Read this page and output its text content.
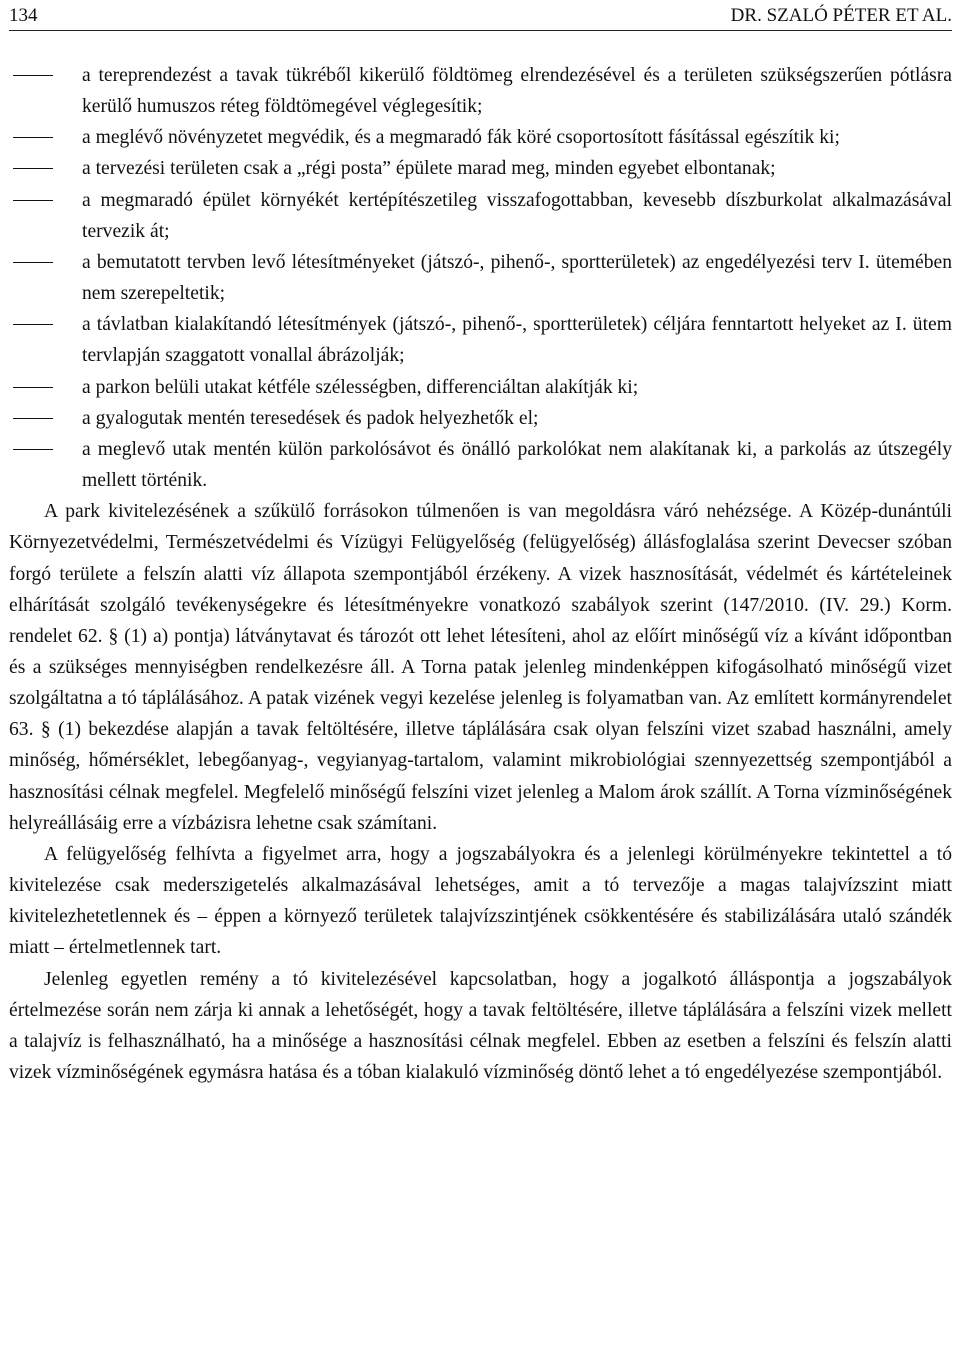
134	DR. SZALÓ PÉTER ET AL.
a tereprendezést a tavak tükréből kikerülő földtömeg elrendezésével és a területen szükségszerűen pótlásra kerülő humuszos réteg földtömegével véglegesítik;
a meglévő növényzetet megvédik, és a megmaradó fák köré csoportosított fásítással egészítik ki;
a tervezési területen csak a „régi posta” épülete marad meg, minden egyebet elbontanak;
a megmaradó épület környékét kertépítészetileg visszafogottabban, kevesebb díszburkolat alkalmazásával tervezik át;
a bemutatott tervben levő létesítményeket (játszó-, pihenő-, sportterületek) az engedélyezési terv I. ütemében nem szerepeltetik;
a távlatban kialakítandó létesítmények (játszó-, pihenő-, sportterületek) céljára fenntartott helyeket az I. ütem tervlapján szaggatott vonallal ábrázolják;
a parkon belüli utakat kétféle szélességben, differenciáltan alakítják ki;
a gyalogutak mentén teresedések és padok helyezhetők el;
a meglevő utak mentén külön parkolósávot és önálló parkolókat nem alakítanak ki, a parkolás az útszegély mellett történik.

A park kivitelezésének a szűkülő forrásokon túlmenően is van megoldásra váró nehézsége. A Közép-dunántúli Környezetvédelmi, Természetvédelmi és Vízügyi Felügyelőség (felügyelőség) állásfoglalása szerint Devecser szóban forgó területe a felszín alatti víz állapota szempontjából érzékeny. A vizek hasznosítását, védelmét és kártételeinek elhárítását szolgáló tevékenységekre és létesítményekre vonatkozó szabályok szerint (147/2010. (IV. 29.) Korm. rendelet 62. § (1) a) pontja) látványtavat és tározót ott lehet létesíteni, ahol az előírt minőségű víz a kívánt időpontban és a szükséges mennyiségben rendelkezésre áll. A Torna patak jelenleg mindenképpen kifogásolható minőségű vizet szolgáltatna a tó táplálásához. A patak vizének vegyi kezelése jelenleg is folyamatban van. Az említett kormányrendelet 63. § (1) bekezdése alapján a tavak feltöltésére, illetve táplálására csak olyan felszíni vizet szabad használni, amely minőség, hőmérséklet, lebegőanyag-, vegyianyag-tartalom, valamint mikrobiológiai szennyezettség szempontjából a hasznosítási célnak megfelel. Megfelelő minőségű felszíni vizet jelenleg a Malom árok szállít. A Torna vízminőségének helyreállásáig erre a vízbázisra lehetne csak számítani.

A felügyelőség felhívta a figyelmet arra, hogy a jogszabályokra és a jelenlegi körülményekre tekintettel a tó kivitelezése csak mederszigetelés alkalmazásával lehetséges, amit a tó tervezője a magas talajvízszint miatt kivitelezhetetlennek és – éppen a környező területek talajvízszintjének csökkentésére és stabilizálására utaló szándék miatt – értelmetlennek tart.

Jelenleg egyetlen remény a tó kivitelezésével kapcsolatban, hogy a jogalkotó álláspontja a jogszabályok értelmezése során nem zárja ki annak a lehetőségét, hogy a tavak feltöltésére, illetve táplálására a felszíni vizek mellett a talajvíz is felhasználható, ha a minősége a hasznosítási célnak megfelel. Ebben az esetben a felszíni és felszín alatti vizek vízminőségének egymásra hatása és a tóban kialakuló vízminőség döntő lehet a tó engedélyezése szempontjából.
